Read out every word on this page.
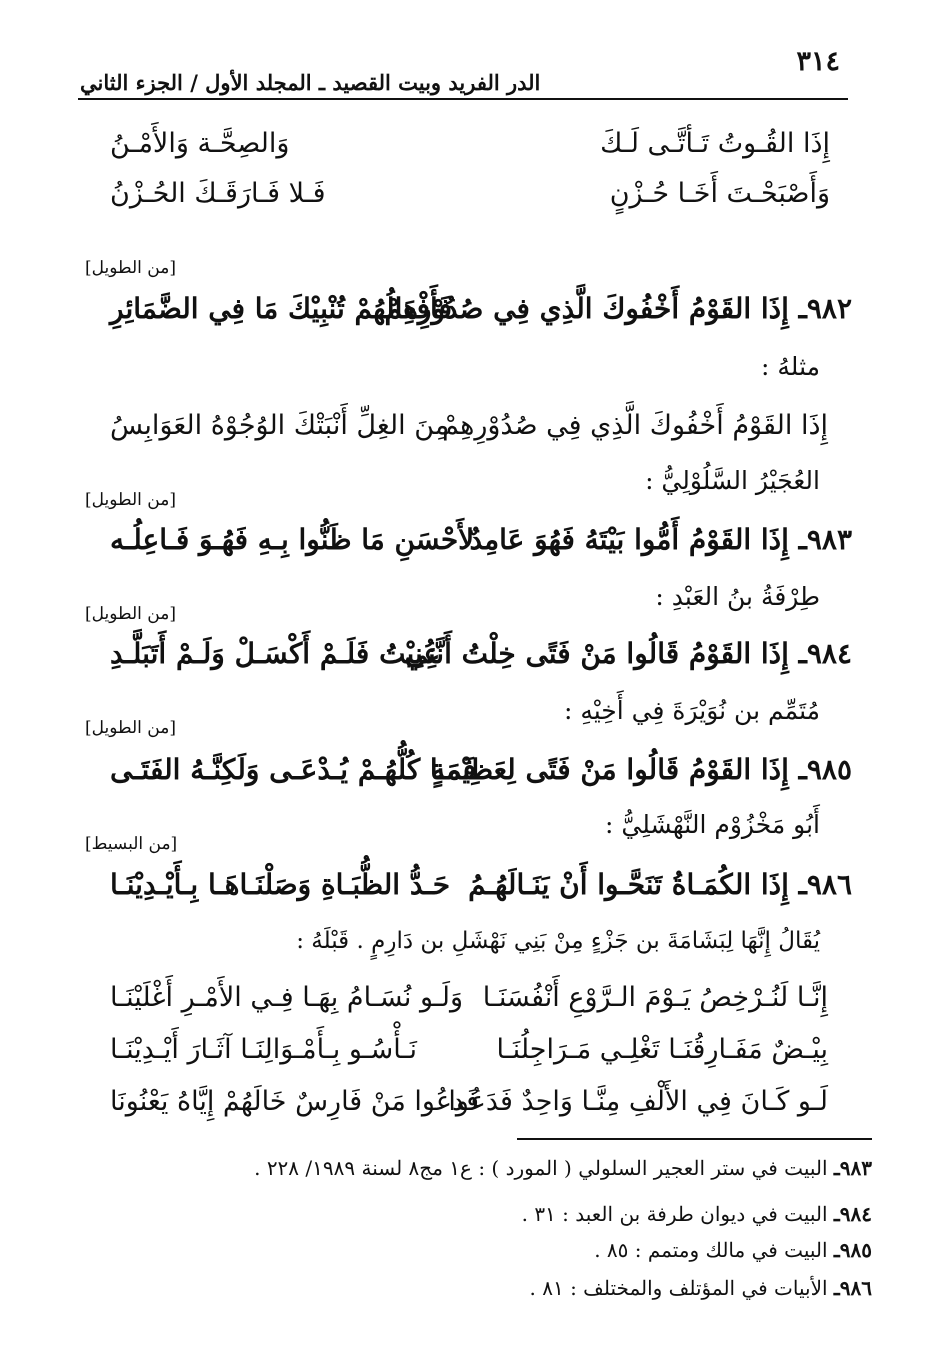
٣١٤
الدر الفريد وبيت القصيد ـ المجلد الأول / الجزء الثاني
إِذَا القُـوتُ تَـأتَّـى لَـكَ
وَالصِحَّـة وَالأَمْـنُ
وَأَصْبَحْـتَ أَخَـا حُـزْنٍ
فَـلا فَـارَقَـكَ الحُـزْنُ
[من الطويل]
٩٨٢ـ إِذَا القَوْمُ أَخْفُوكَ الَّذِي فِي صُدُوْرِهِمْ
فَأَفْعَالُهُمْ تُنْبِيْكَ مَا فِي الضَّمَائِرِ
مثلهُ :
إِذَا القَوْمُ أَخْفُوكَ الَّذِي فِي صُدُوْرِهِمْ
مِنَ الغِلِّ أَنْبَتْكَ الوُجُوْهُ العَوَابِسُ
العُجَيْرُ السَّلُوْلِيُّ :
[من الطويل]
٩٨٣ـ إِذَا القَوْمُ أَمُّوا بَيْتَهُ فَهُوَ عَامِدٌ
لأَحْسَنِ مَا ظَنُّوا بِـهِ فَهُـوَ فَـاعِلُـه
طِرْفَةُ بنُ العَبْدِ :
[من الطويل]
٩٨٤ـ إِذَا القَوْمُ قَالُوا مَنْ فَتًى خِلْتُ أَنَّنِي
عُنِيْتُ فَلَـمْ أَكْسَـلْ وَلَـمْ أَتَبَلَّـدِ
مُتَمِّم بن نُوَيْرَةَ فِي أَخِيْهِ :
[من الطويل]
٩٨٥ـ إِذَا القَوْمُ قَالُوا مَنْ فَتًى لِعَظِيْمَةٍ
فَمَـا كُلُّهُـمْ يُـدْعَـى وَلَكِنَّـهُ الفَتَـى
أَبُو مَخْزُوْم النَّهْشَلِيُّ :
[من البسيط]
٩٨٦ـ إِذَا الكُمَـاةُ تَنَحَّـوا أَنْ يَنَـالَهُـمُ
حَـدُّ الظُّبَـاةِ وَصَلْنَـاهَـا بِـأَيْـدِيْنَـا
يُقَالُ إِنَّهَا لِبَشَامَةَ بن جَزْءٍ مِنْ بَنِي نَهْشَلِ بن دَارِمٍ . قَبْلَهُ :
إِنَّـا لَنُـرْخِصُ يَـوْمَ الـرَّوْعِ أَنْفُسَنَـا
وَلَـو نُسَـامُ بِهَـا فِـي الأَمْـرِ أَغْلَيْنَـا
بِيْـضٌ مَفَـارِقُنَـا تَغْلِـي مَـرَاجِلُنَـا
نَـأْسُـو بِـأَمْـوَالِنَـا آثَـارَ أَيْـدِيْنَـا
لَـو كَـانَ فِي الأَلْفِ مِنَّـا وَاحِدٌ فَدَعُوا
فَدعُوا مَنْ فَارِسٌ خَالَهُمْ إِيَّاهُ يَعْنُونَا
٩٨٣ـ البيت في ستر العجير السلولي ( المورد ) : ع١ مج٨ لسنة ١٩٨٩/ ٢٢٨ .
٩٨٤ـ البيت في ديوان طرفة بن العبد : ٣١ .
٩٨٥ـ البيت في مالك ومتمم : ٨٥ .
٩٨٦ـ الأبيات في المؤتلف والمختلف : ٨١ .
